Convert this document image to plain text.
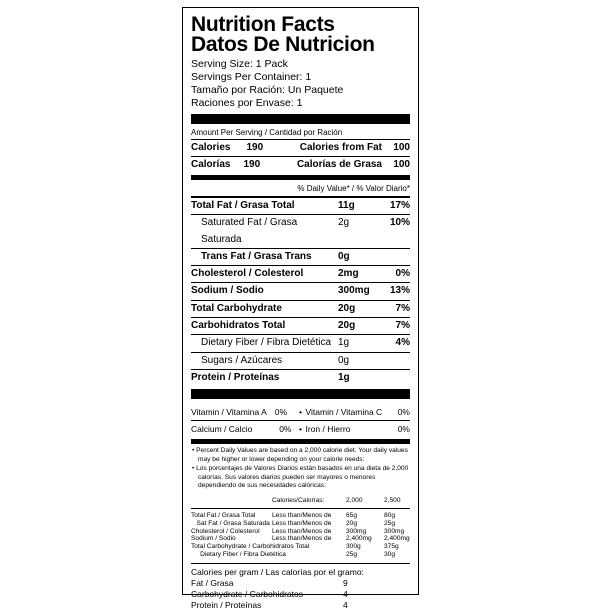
Nutrition Facts
Datos De Nutricion
Serving Size: 1 Pack
Servings Per Container: 1
Tamaño por Ración: Un Paquete
Raciones por Envase: 1
Amount Per Serving / Cantidad por Ración
Calories 190	Calories from Fat	100
Calorías 190	Calorías de Grasa	100
% Daily Value* / % Valor Diario*
Total Fat / Grasa Total	11g	17%
Saturated Fat / Grasa Saturada
2g	10%
Trans Fat / Grasa Trans	0g
Cholesterol / Colesterol	2mg	0%
Sodium / Sodio	300mg	13%
Total Carbohydrate	20g	7%
Carbohidratos Total	20g	7%
Dietary Fiber / Fibra Dietética 1g	4%
Sugars / Azúcares	0g
Protein / Proteínas	1g
Vitamin / Vitamina A 0%	• Vitamin / Vitamina C 0%
Calcium / Calcio	0% • Iron / Hierro	0%

• Percent Daily Values are based on a 2,000 calorie diet. Your daily values may be higher or lower depending on your calorie needs:

• Los porcentajes de Valores Diarios están basados en una dieta de 2,000 calorías. Sus valores diarios pueden ser mayores o menores dependiendo de sus necesidades calóricas:

Calories/Calorías:	2,000	2,500
Total Fat / Grasa Total	Less than/Menos de	65g	80g
Sat Fat / Grasa Saturada Less than/Menos de	20g	25g
Cholesterol / Colesterol	Less than/Menos de	300mg	300mg
Sodium / Sodio	Less than/Menos de	2,400mg	2,400mg
Total Carbohydrate / Carbohidratos Total	300g	375g
Dietary Fiber / Fibra Dietética	25g	30g
Calories per gram / Las calorías por el gramo:
Fat / Grasa	9
Carbohydrate / Carbohidratos	4
Protein / Proteínas	4
